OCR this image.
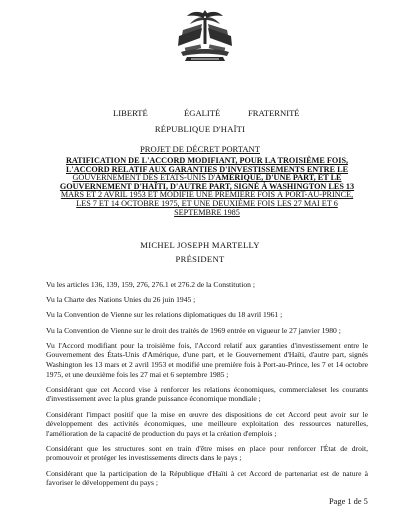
LIBERTÉ	ÉGALITÉ	FRATERNITÉ
RÉPUBLIQUE D'HAÏTI
PROJET DE DÉCRET PORTANT
RATIFICATION DE L'ACCORD MODIFIANT, POUR LA TROISIÈME FOIS,
L'ACCORD RELATIF AUX GARANTIES D'INVESTISSEMENTS ENTRE LE
GOUVERNEMENT DES ÉTATS-UNIS D'AMÉRIQUE, D'UNE PART, ET LE
GOUVERNEMENT D'HAÏTI, D'AUTRE PART, SIGNÉ À WASHINGTON LES 13
MARS ET 2 AVRIL 1953 ET MODIFIÉ UNE PREMIÈRE FOIS À PORT-AU-PRINCE, LES 7 ET 14 OCTOBRE 1975, ET UNE DEUXIÈME FOIS LES 27 MAI ET 6 SEPTEMBRE 1985
MICHEL JOSEPH MARTELLY
PRÉSIDENT

Vu les articles 136, 139, 159, 276, 276.1 et 276.2 de la Constitution ;

Vu la Charte des Nations Unies du 26 juin 1945 ;

Vu la Convention de Vienne sur les relations diplomatiques du 18 avril 1961 ;

Vu la Convention de Vienne sur le droit des traités de 1969 entrée en vigueur le 27 janvier 1980 ;

Vu l'Accord modifiant pour la troisième fois, l'Accord relatif aux garanties d'investissement entre le Gouvernement des États-Unis d'Amérique, d'une part, et le Gouvernement d'Haïti, d'autre part, signés Washington les 13 mars et 2 avril 1953 et modifié une première fois à Port-au-Prince, les 7 et 14 octobre 1975, et une deuxième fois les 27 mai et 6 septembre 1985 ;

Considérant que cet Accord vise à renforcer les relations économiques, commercialeset les courants d'investissement avec la plus grande puissance économique mondiale ;

Considérant l'impact positif que la mise en œuvre des dispositions de cet Accord peut avoir sur le développement des activités économiques, une meilleure exploitation des ressources naturelles, l'amélioration de la capacité de production du pays et la création d'emplois ;

Considérant que les structures sont en train d'être mises en place pour renforcer l'État de droit, promouvoir et protéger les investissements directs dans le pays ;

Considérant que la participation de la République d'Haïti à cet Accord de partenariat est de nature à favoriser le développement du pays ;

Page 1 de 5
